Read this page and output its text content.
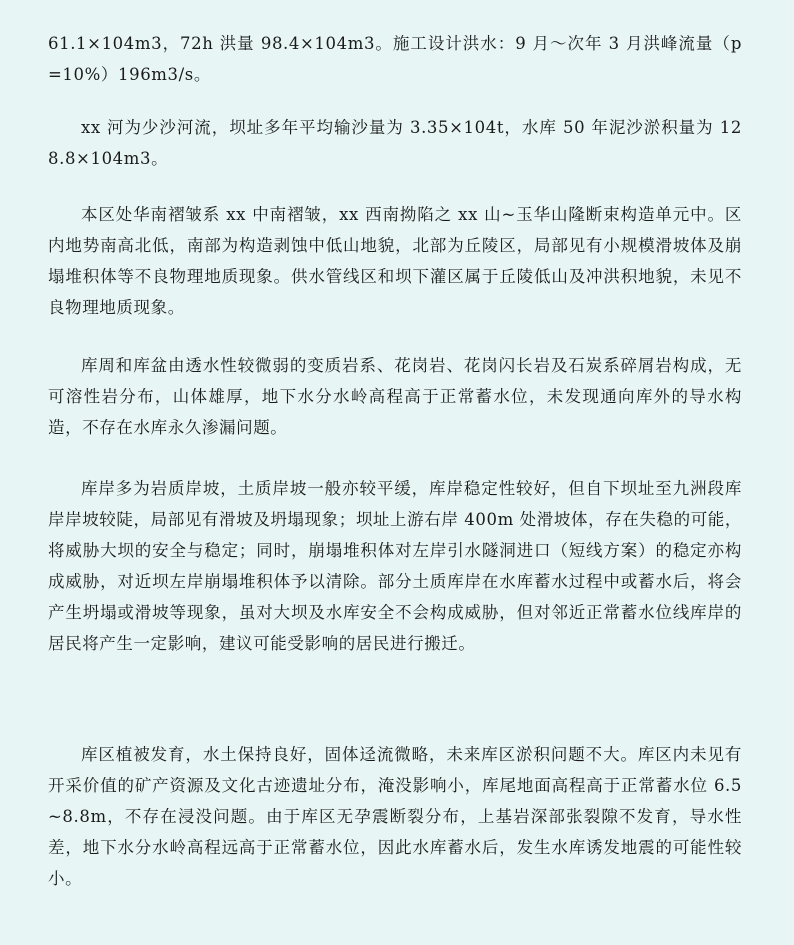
61.1×104m3，72h 洪量 98.4×104m3。施工设计洪水：9 月～次年 3 月洪峰流量（p=10%）196m3/s。

xx 河为少沙河流，坝址多年平均输沙量为 3.35×104t，水库 50 年泥沙淤积量为 128.8×104m3。

本区处华南褶皱系 xx 中南褶皱，xx 西南拗陷之 xx 山~玉华山隆断束构造单元中。区内地势南高北低，南部为构造剥蚀中低山地貌，北部为丘陵区，局部见有小规模滑坡体及崩塌堆积体等不良物理地质现象。供水管线区和坝下灌区属于丘陵低山及冲洪积地貌，未见不良物理地质现象。

库周和库盆由透水性较微弱的变质岩系、花岗岩、花岗闪长岩及石炭系碎屑岩构成，无可溶性岩分布，山体雄厚，地下水分水岭高程高于正常蓄水位，未发现通向库外的导水构造，不存在水库永久渗漏问题。

库岸多为岩质岸坡，土质岸坡一般亦较平缓，库岸稳定性较好，但自下坝址至九洲段库岸岸坡较陡，局部见有滑坡及坍塌现象；坝址上游右岸 400m 处滑坡体，存在失稳的可能，将威胁大坝的安全与稳定；同时，崩塌堆积体对左岸引水隧洞进口（短线方案）的稳定亦构成威胁，对近坝左岸崩塌堆积体予以清除。部分土质库岸在水库蓄水过程中或蓄水后，将会产生坍塌或滑坡等现象，虽对大坝及水库安全不会构成威胁，但对邻近正常蓄水位线库岸的居民将产生一定影响，建议可能受影响的居民进行搬迁。

库区植被发育，水土保持良好，固体迳流微略，未来库区淤积问题不大。库区内未见有开采价值的矿产资源及文化古迹遗址分布，淹没影响小，库尾地面高程高于正常蓄水位 6.5~8.8m，不存在浸没问题。由于库区无孕震断裂分布，上基岩深部张裂隙不发育，导水性差，地下水分水岭高程远高于正常蓄水位，因此水库蓄水后，发生水库诱发地震的可能性较小。
